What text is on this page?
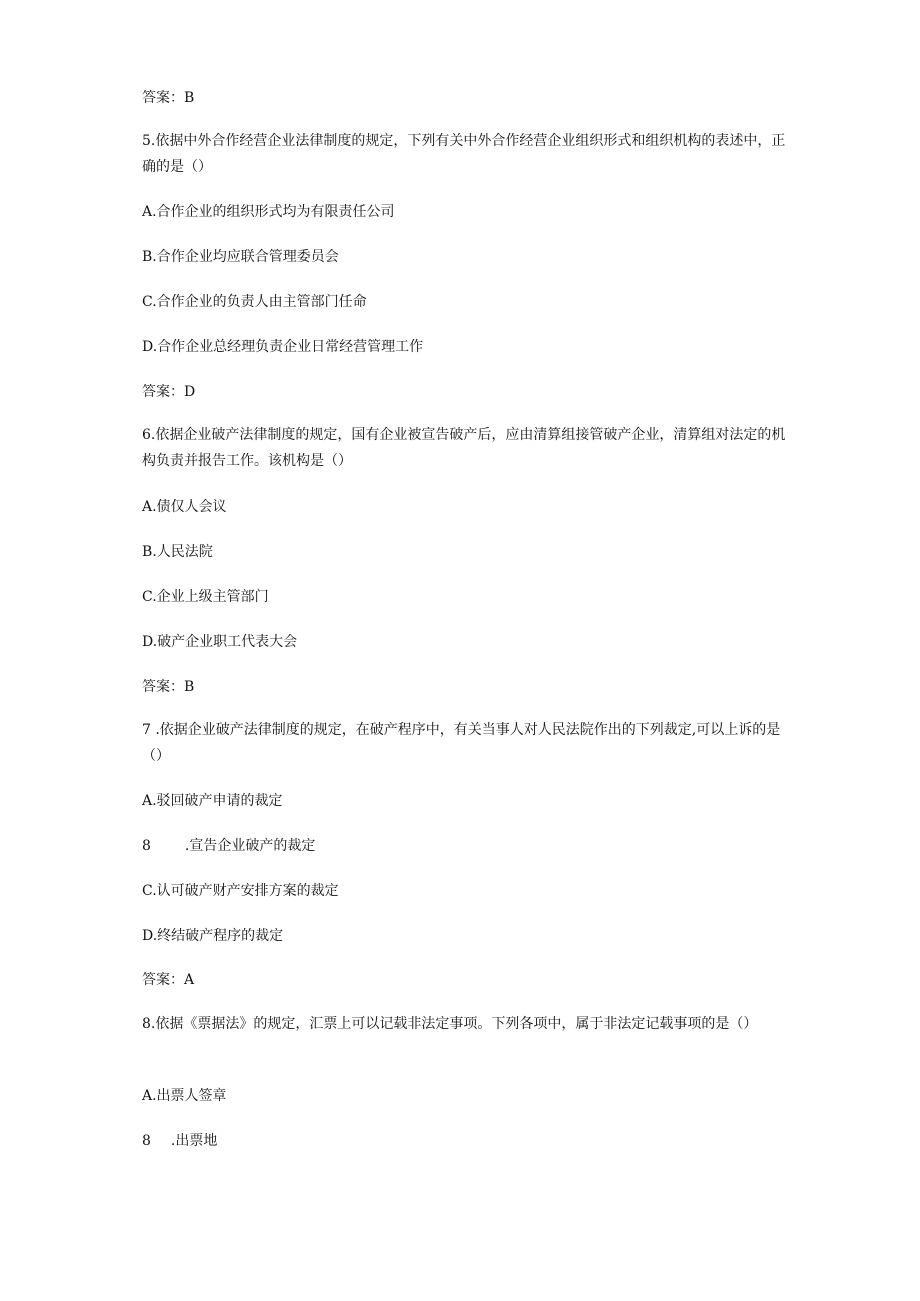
答案：B
5.依据中外合作经营企业法律制度的规定，下列有关中外合作经营企业组织形式和组织机构的表述中，正确的是（）
A.合作企业的组织形式均为有限责任公司
B.合作企业均应联合管理委员会
C.合作企业的负责人由主管部门任命
D.合作企业总经理负责企业日常经营管理工作
答案：D
6.依据企业破产法律制度的规定，国有企业被宣告破产后，应由清算组接管破产企业，清算组对法定的机构负责并报告工作。该机构是（）
A.债仅人会议
B.人民法院
C.企业上级主管部门
D.破产企业职工代表大会
答案：B
7 .依据企业破产法律制度的规定，在破产程序中，有关当事人对人民法院作出的下列裁定,可以上诉的是（）
A.驳回破产申请的裁定
8 .宣告企业破产的裁定
C.认可破产财产安排方案的裁定
D.终结破产程序的裁定
答案：A
8.依据《票据法》的规定，汇票上可以记载非法定事项。下列各项中，属于非法定记载事项的是（）
A.出票人签章
8 .出票地
